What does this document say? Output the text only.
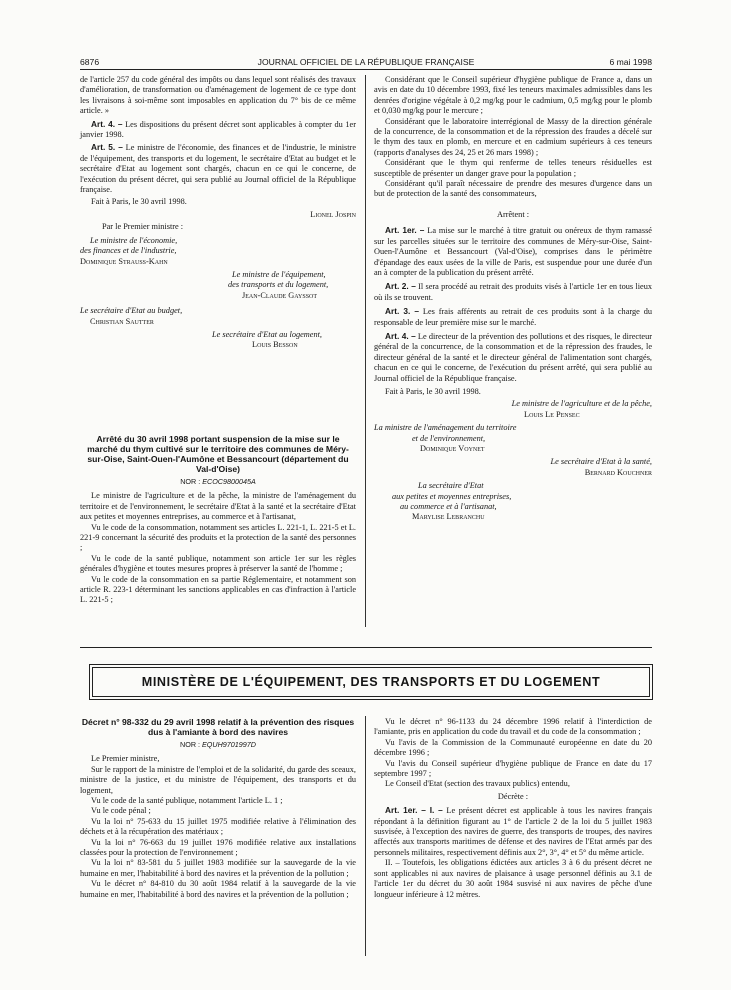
6876	JOURNAL OFFICIEL DE LA RÉPUBLIQUE FRANÇAISE	6 mai 1998

de l'article 257 du code général des impôts ou dans lequel sont réalisés des travaux d'amélioration, de transformation ou d'aménagement de logement de ce type dont les livraisons à soi-même sont imposables en application du 7° bis de ce même article. »

Art. 4. – Les dispositions du présent décret sont applicables à compter du 1er janvier 1998.

Art. 5. – Le ministre de l'économie, des finances et de l'industrie, le ministre de l'équipement, des transports et du logement, le secrétaire d'Etat au budget et le secrétaire d'Etat au logement sont chargés, chacun en ce qui le concerne, de l'exécution du présent décret, qui sera publié au Journal officiel de la République française.

Fait à Paris, le 30 avril 1998.

Lionel Jospin
Par le Premier ministre :
Le ministre de l'économie,
des finances et de l'industrie,
Dominique Strauss-Kahn
Le ministre de l'équipement,
des transports et du logement,
Jean-Claude Gayssot
Le secrétaire d'Etat au budget,
Christian Sautter
Le secrétaire d'Etat au logement,
Louis Besson
Arrêté du 30 avril 1998 portant suspension de la mise sur le marché du thym cultivé sur le territoire des communes de Méry-sur-Oise, Saint-Ouen-l'Aumône et Bessancourt (département du Val-d'Oise)
NOR : ECOC9800045A

Le ministre de l'agriculture et de la pêche, la ministre de l'aménagement du territoire et de l'environnement, le secrétaire d'Etat à la santé et la secrétaire d'Etat aux petites et moyennes entreprises, au commerce et à l'artisanat,

Vu le code de la consommation, notamment ses articles L. 221-1, L. 221-5 et L. 221-9 concernant la sécurité des produits et la protection de la santé des personnes ;

Vu le code de la santé publique, notamment son article 1er sur les règles générales d'hygiène et toutes mesures propres à préserver la santé de l'homme ;

Vu le code de la consommation en sa partie Réglementaire, et notamment son article R. 223-1 déterminant les sanctions applicables en cas d'infraction à l'article L. 221-5 ;

Considérant que le Conseil supérieur d'hygiène publique de France a, dans un avis en date du 10 décembre 1993, fixé les teneurs maximales admissibles dans les denrées d'origine végétale à 0,2 mg/kg pour le cadmium, 0,5 mg/kg pour le plomb et 0,030 mg/kg pour le mercure ;

Considérant que le laboratoire interrégional de Massy de la direction générale de la concurrence, de la consommation et de la répression des fraudes a décelé sur le thym des taux en plomb, en mercure et en cadmium supérieurs à ces teneurs (rapports d'analyses des 24, 25 et 26 mars 1998) ;

Considérant que le thym qui renferme de telles teneurs résiduelles est susceptible de présenter un danger grave pour la population ;

Considérant qu'il paraît nécessaire de prendre des mesures d'urgence dans un but de protection de la santé des consommateurs,

Arrêtent :

Art. 1er. – La mise sur le marché à titre gratuit ou onéreux de thym ramassé sur les parcelles situées sur le territoire des communes de Méry-sur-Oise, Saint-Ouen-l'Aumône et Bessancourt (Val-d'Oise), comprises dans le périmètre d'épandage des eaux usées de la ville de Paris, est suspendue pour une durée d'un an à compter de la publication du présent arrêté.

Art. 2. – Il sera procédé au retrait des produits visés à l'article 1er en tous lieux où ils se trouvent.

Art. 3. – Les frais afférents au retrait de ces produits sont à la charge du responsable de leur première mise sur le marché.

Art. 4. – Le directeur de la prévention des pollutions et des risques, le directeur général de la concurrence, de la consommation et de la répression des fraudes, le directeur général de la santé et le directeur général de l'alimentation sont chargés, chacun en ce qui le concerne, de l'exécution du présent arrêté, qui sera publié au Journal officiel de la République française.

Fait à Paris, le 30 avril 1998.

Le ministre de l'agriculture et de la pêche,
Louis Le Pensec
La ministre de l'aménagement du territoire
et de l'environnement,
Dominique Voynet
Le secrétaire d'Etat à la santé,
Bernard Kouchner
La secrétaire d'Etat
aux petites et moyennes entreprises,
au commerce et à l'artisanat,
Marylise Lebranchu
MINISTÈRE DE L'ÉQUIPEMENT, DES TRANSPORTS ET DU LOGEMENT
Décret n° 98-332 du 29 avril 1998 relatif à la prévention des risques dus à l'amiante à bord des navires
NOR : EQUH9701997D

Le Premier ministre,

Sur le rapport de la ministre de l'emploi et de la solidarité, du garde des sceaux, ministre de la justice, et du ministre de l'équipement, des transports et du logement,

Vu le code de la santé publique, notamment l'article L. 1 ;

Vu le code pénal ;

Vu la loi n° 75-633 du 15 juillet 1975 modifiée relative à l'élimination des déchets et à la récupération des matériaux ;

Vu la loi n° 76-663 du 19 juillet 1976 modifiée relative aux installations classées pour la protection de l'environnement ;

Vu la loi n° 83-581 du 5 juillet 1983 modifiée sur la sauvegarde de la vie humaine en mer, l'habitabilité à bord des navires et la prévention de la pollution ;

Vu le décret n° 84-810 du 30 août 1984 relatif à la sauvegarde de la vie humaine en mer, l'habitabilité à bord des navires et la prévention de la pollution ;

Vu le décret n° 96-1133 du 24 décembre 1996 relatif à l'interdiction de l'amiante, pris en application du code du travail et du code de la consommation ;

Vu l'avis de la Commission de la Communauté européenne en date du 20 décembre 1996 ;

Vu l'avis du Conseil supérieur d'hygiène publique de France en date du 17 septembre 1997 ;

Le Conseil d'Etat (section des travaux publics) entendu,

Décrète :

Art. 1er. – I. – Le présent décret est applicable à tous les navires français répondant à la définition figurant au 1° de l'article 2 de la loi du 5 juillet 1983 susvisée, à l'exception des navires de guerre, des transports de troupes, des navires affectés aux transports maritimes de défense et des navires de l'Etat armés par des personnels militaires, respectivement définis aux 2°, 3°, 4° et 5° du même article.

II. – Toutefois, les obligations édictées aux articles 3 à 6 du présent décret ne sont applicables ni aux navires de plaisance à usage personnel définis au 3.1 de l'article 1er du décret du 30 août 1984 susvisé ni aux navires de pêche d'une longueur inférieure à 12 mètres.
